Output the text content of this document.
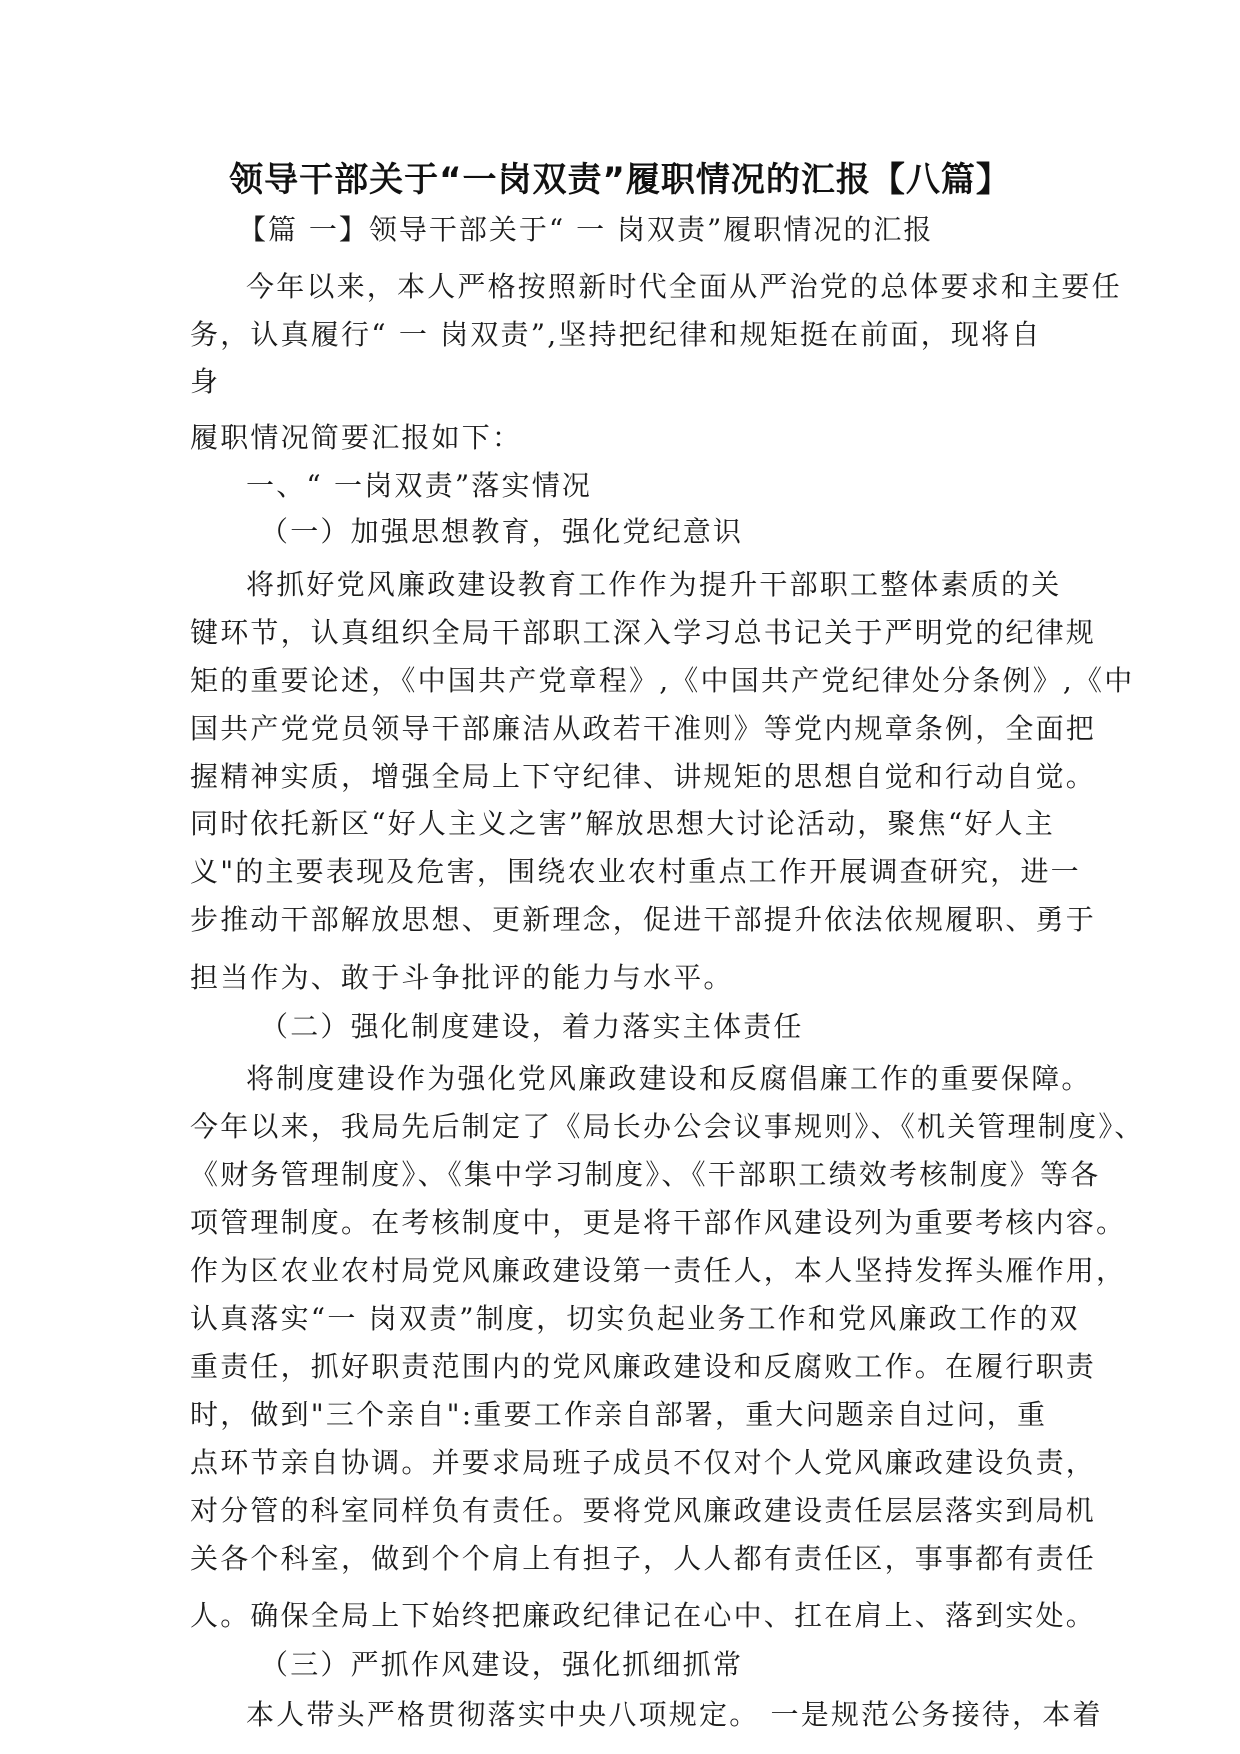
领导干部关于“一岗双责”履职情况的汇报【八篇】
【篇 一】领导干部关于“ 一 岗双责”履职情况的汇报
今年以来，本人严格按照新时代全面从严治党的总体要求和主要任
务，认真履行“ 一 岗双责”,坚持把纪律和规矩挺在前面，现将自
身
履职情况简要汇报如下：
一、“ 一岗双责”落实情况
（一）加强思想教育，强化党纪意识
将抓好党风廉政建设教育工作作为提升干部职工整体素质的关
键环节，认真组织全局干部职工深入学习总书记关于严明党的纪律规
矩的重要论述，《中国共产党章程》,《中国共产党纪律处分条例》,《中
国共产党党员领导干部廉洁从政若干准则》等党内规章条例，全面把
握精神实质，增强全局上下守纪律、讲规矩的思想自觉和行动自觉。
同时依托新区“好人主义之害”解放思想大讨论活动，聚焦“好人主
义"的主要表现及危害，围绕农业农村重点工作开展调查研究，进一
步推动干部解放思想、更新理念，促进干部提升依法依规履职、勇于
担当作为、敢于斗争批评的能力与水平。
（二）强化制度建设，着力落实主体责任
将制度建设作为强化党风廉政建设和反腐倡廉工作的重要保障。
今年以来，我局先后制定了《局长办公会议事规则》、《机关管理制度》、
《财务管理制度》、《集中学习制度》、《干部职工绩效考核制度》等各
项管理制度。在考核制度中，更是将干部作风建设列为重要考核内容。
作为区农业农村局党风廉政建设第一责任人，本人坚持发挥头雁作用，
认真落实“一 岗双责”制度，切实负起业务工作和党风廉政工作的双
重责任，抓好职责范围内的党风廉政建设和反腐败工作。在履行职责
时，做到"三个亲自":重要工作亲自部署，重大问题亲自过问，重
点环节亲自协调。并要求局班子成员不仅对个人党风廉政建设负责，
对分管的科室同样负有责任。要将党风廉政建设责任层层落实到局机
关各个科室，做到个个肩上有担子，人人都有责任区，事事都有责任
人。确保全局上下始终把廉政纪律记在心中、扛在肩上、落到实处。
（三）严抓作风建设，强化抓细抓常
本人带头严格贯彻落实中央八项规定。 一是规范公务接待，本着
